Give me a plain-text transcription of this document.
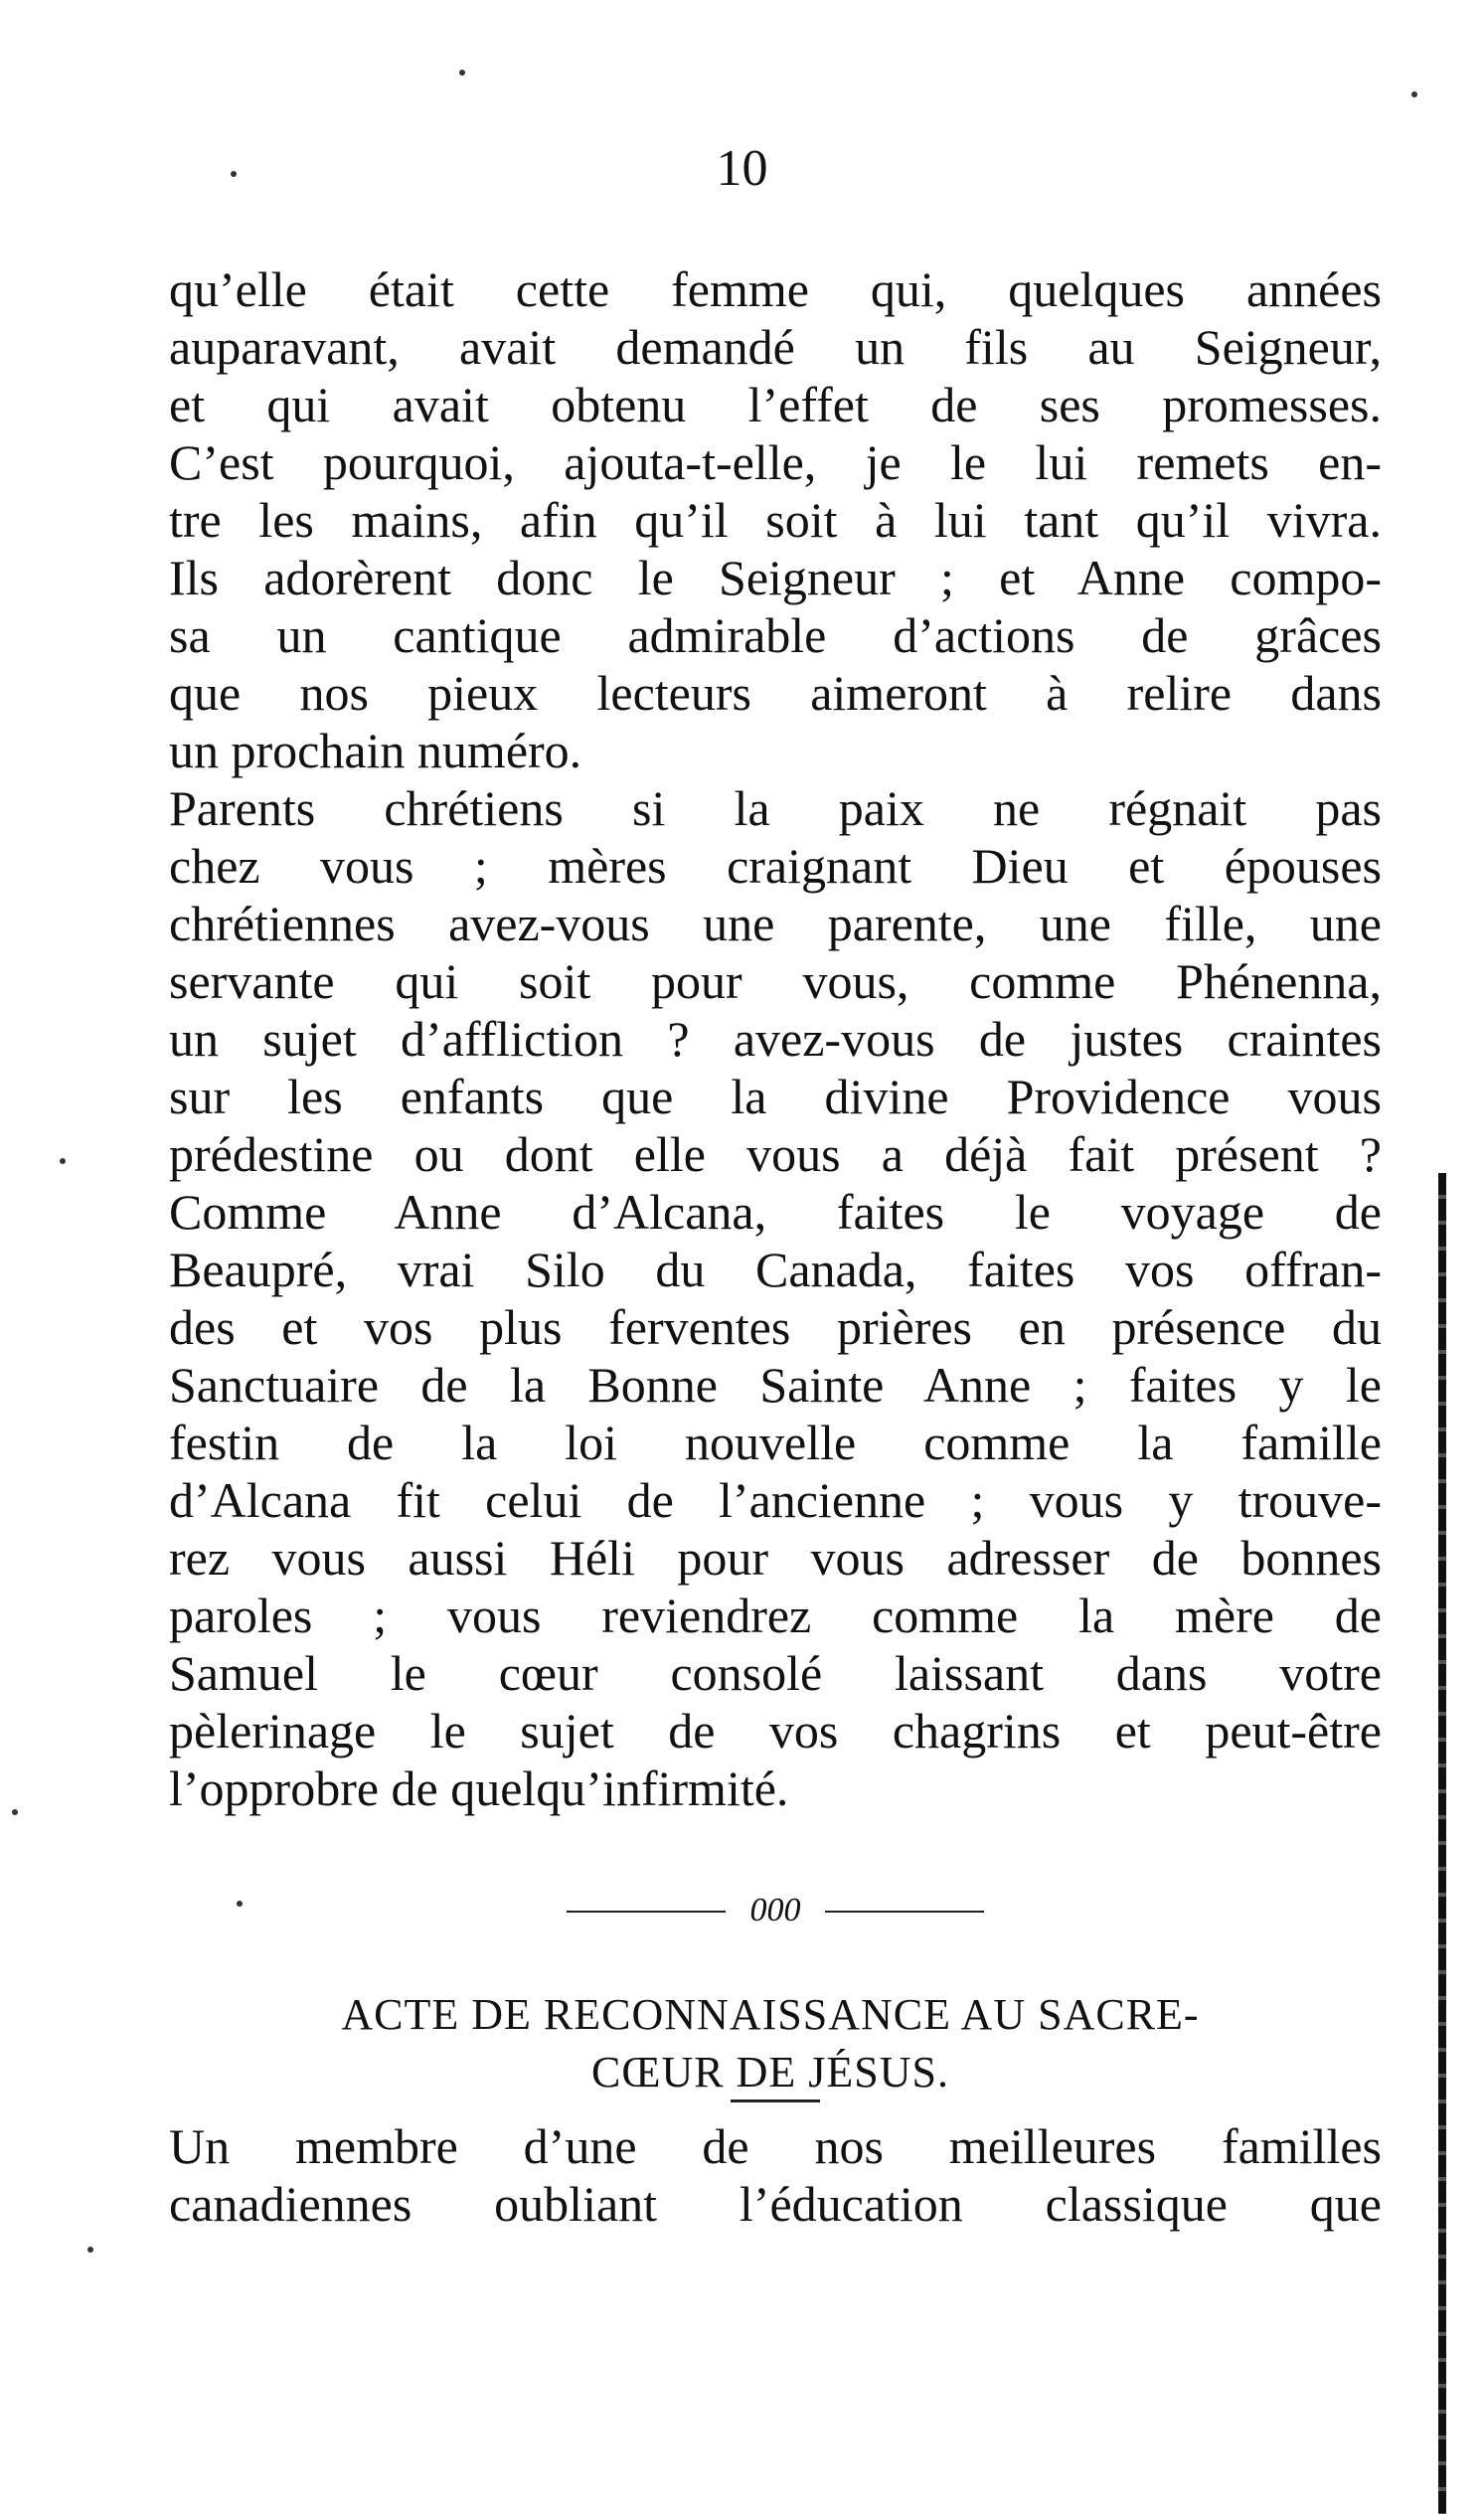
10
qu’elle était cette femme qui, quelques années
auparavant, avait demandé un fils au Seigneur,
et qui avait obtenu l’effet de ses promesses.
C’est pourquoi, ajouta-t-elle, je le lui remets en-
tre les mains, afin qu’il soit à lui tant qu’il vivra.
Ils adorèrent donc le Seigneur ; et Anne compo-
sa un cantique admirable d’actions de grâces
que nos pieux lecteurs aimeront à relire dans
un prochain numéro.
Parents chrétiens si la paix ne régnait pas
chez vous ; mères craignant Dieu et épouses
chrétiennes avez-vous une parente, une fille, une
servante qui soit pour vous, comme Phénenna,
un sujet d’affliction ? avez-vous de justes craintes
sur les enfants que la divine Providence vous
prédestine ou dont elle vous a déjà fait présent ?
Comme Anne d’Alcana, faites le voyage de
Beaupré, vrai Silo du Canada, faites vos offran-
des et vos plus ferventes prières en présence du
Sanctuaire de la Bonne Sainte Anne ; faites y le
festin de la loi nouvelle comme la famille
d’Alcana fit celui de l’ancienne ; vous y trouve-
rez vous aussi Héli pour vous adresser de bonnes
paroles ; vous reviendrez comme la mère de
Samuel le cœur consolé laissant dans votre
pèlerinage le sujet de vos chagrins et peut-être
l’opprobre de quelqu’infirmité.
000
ACTE DE RECONNAISSANCE AU SACRE-
CŒUR DE JÉSUS.
Un membre d’une de nos meilleures familles
canadiennes oubliant l’éducation classique que
